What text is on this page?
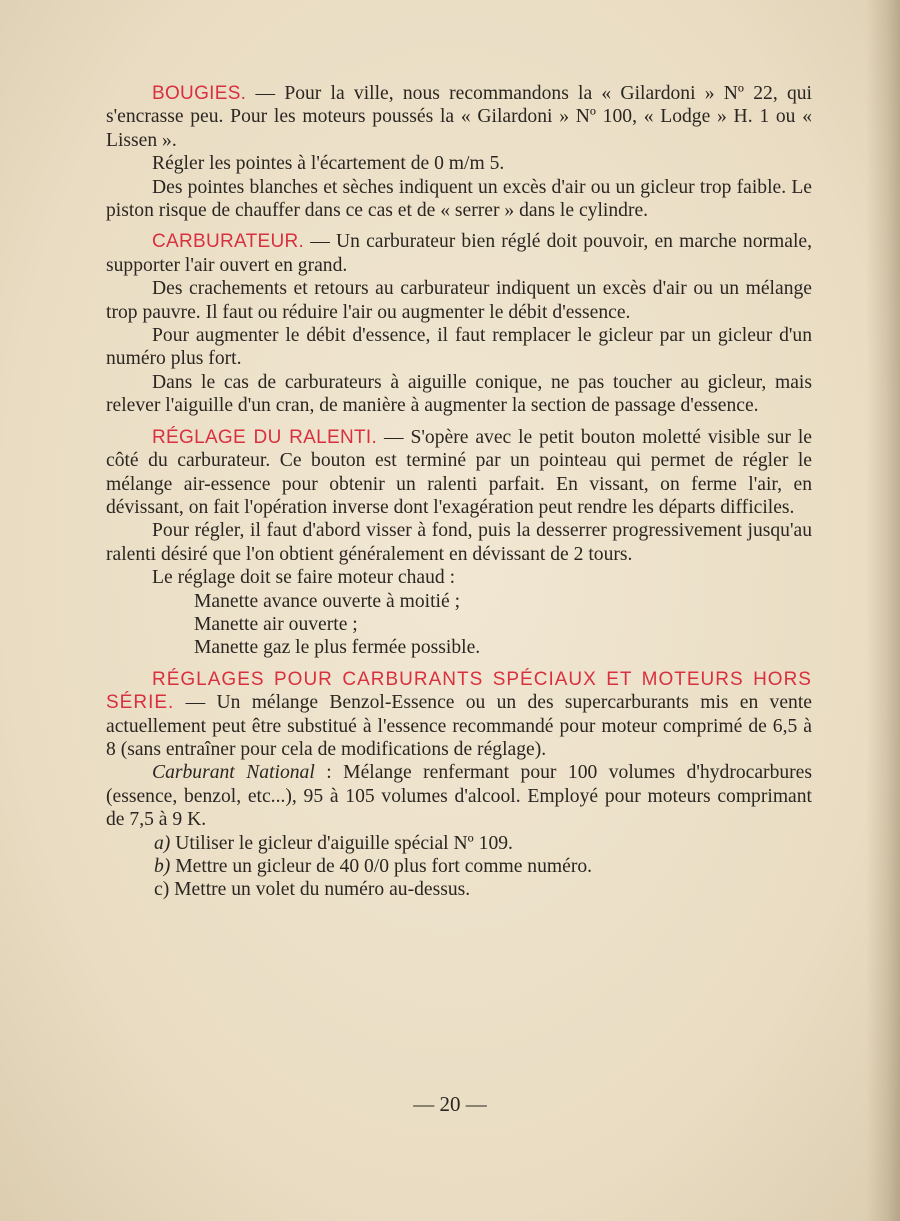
BOUGIES. — Pour la ville, nous recommandons la « Gilardoni » Nº 22, qui s'encrasse peu. Pour les moteurs poussés la « Gilardoni » Nº 100, « Lodge » H. 1 ou « Lissen ».

Régler les pointes à l'écartement de 0 m/m 5.

Des pointes blanches et sèches indiquent un excès d'air ou un gicleur trop faible. Le piston risque de chauffer dans ce cas et de « serrer » dans le cylindre.

CARBURATEUR. — Un carburateur bien réglé doit pouvoir, en marche normale, supporter l'air ouvert en grand.

Des crachements et retours au carburateur indiquent un excès d'air ou un mélange trop pauvre. Il faut ou réduire l'air ou augmenter le débit d'essence.

Pour augmenter le débit d'essence, il faut remplacer le gicleur par un gicleur d'un numéro plus fort.

Dans le cas de carburateurs à aiguille conique, ne pas toucher au gicleur, mais relever l'aiguille d'un cran, de manière à augmenter la section de passage d'essence.

RÉGLAGE DU RALENTI. — S'opère avec le petit bouton moletté visible sur le côté du carburateur. Ce bouton est terminé par un pointeau qui permet de régler le mélange air-essence pour obtenir un ralenti parfait. En vissant, on ferme l'air, en dévissant, on fait l'opération inverse dont l'exagération peut rendre les départs difficiles.

Pour régler, il faut d'abord visser à fond, puis la desserrer progressivement jusqu'au ralenti désiré que l'on obtient généralement en dévissant de 2 tours.

Le réglage doit se faire moteur chaud :

Manette avance ouverte à moitié ;

Manette air ouverte ;

Manette gaz le plus fermée possible.

RÉGLAGES POUR CARBURANTS SPÉCIAUX ET MOTEURS HORS SÉRIE. — Un mélange Benzol-Essence ou un des supercarburants mis en vente actuellement peut être substitué à l'essence recommandé pour moteur comprimé de 6,5 à 8 (sans entraîner pour cela de modifications de réglage).

Carburant National : Mélange renfermant pour 100 volumes d'hydrocarbures (essence, benzol, etc...), 95 à 105 volumes d'alcool. Employé pour moteurs comprimant de 7,5 à 9 K.

a) Utiliser le gicleur d'aiguille spécial Nº 109.

b) Mettre un gicleur de 40 0/0 plus fort comme numéro.

c) Mettre un volet du numéro au-dessus.

— 20 —
